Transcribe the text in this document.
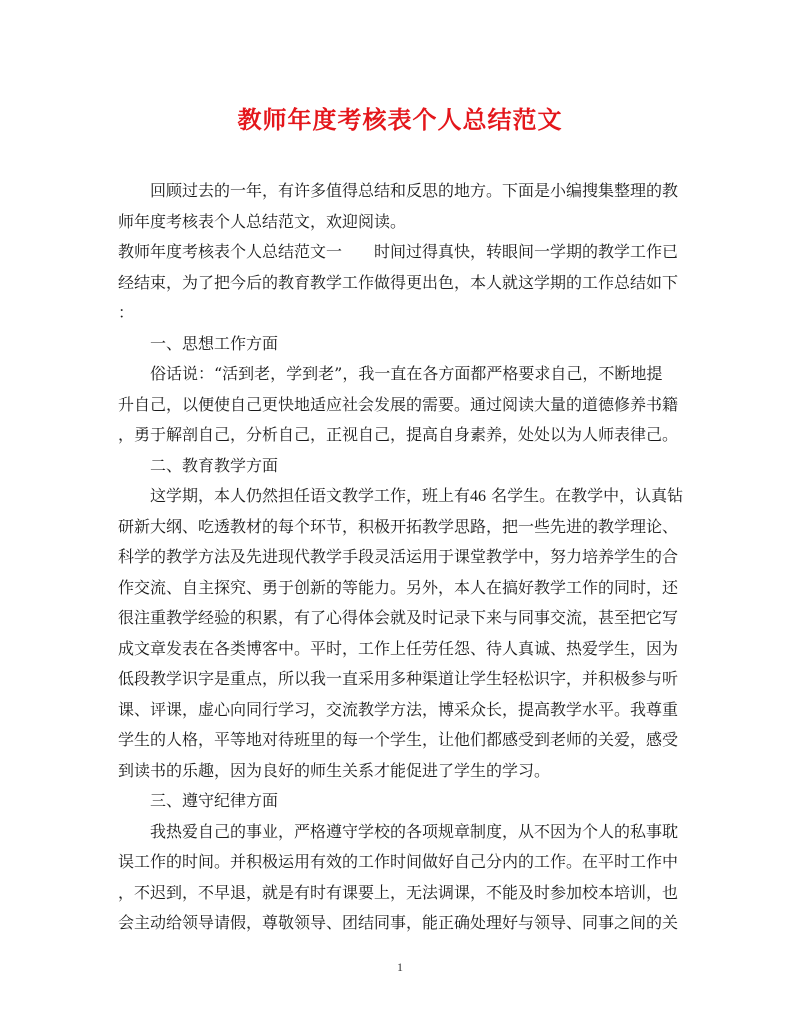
教师年度考核表个人总结范文
回顾过去的一年，有许多值得总结和反思的地方。下面是小编搜集整理的教
师年度考核表个人总结范文，欢迎阅读。
教师年度考核表个人总结范文一 时间过得真快，转眼间一学期的教学工作已
经结束，为了把今后的教育教学工作做得更出色，本人就这学期的工作总结如下
：
一、思想工作方面
俗话说：“活到老，学到老”，我一直在各方面都严格要求自己，不断地提
升自己，以便使自己更快地适应社会发展的需要。通过阅读大量的道德修养书籍
，勇于解剖自己，分析自己，正视自己，提高自身素养，处处以为人师表律己。
二、教育教学方面
这学期，本人仍然担任语文教学工作，班上有46 名学生。在教学中，认真钻
研新大纲、吃透教材的每个环节，积极开拓教学思路，把一些先进的教学理论、
科学的教学方法及先进现代教学手段灵活运用于课堂教学中，努力培养学生的合
作交流、自主探究、勇于创新的等能力。另外，本人在搞好教学工作的同时，还
很注重教学经验的积累，有了心得体会就及时记录下来与同事交流，甚至把它写
成文章发表在各类博客中。平时，工作上任劳任怨、待人真诚、热爱学生，因为
低段教学识字是重点，所以我一直采用多种渠道让学生轻松识字，并积极参与听
课、评课，虚心向同行学习，交流教学方法，博采众长，提高教学水平。我尊重
学生的人格，平等地对待班里的每一个学生，让他们都感受到老师的关爱，感受
到读书的乐趣，因为良好的师生关系才能促进了学生的学习。
三、遵守纪律方面
我热爱自己的事业，严格遵守学校的各项规章制度，从不因为个人的私事耽
误工作的时间。并积极运用有效的工作时间做好自己分内的工作。在平时工作中
，不迟到，不早退，就是有时有课要上，无法调课，不能及时参加校本培训，也
会主动给领导请假，尊敬领导、团结同事，能正确处理好与领导、同事之间的关
1
